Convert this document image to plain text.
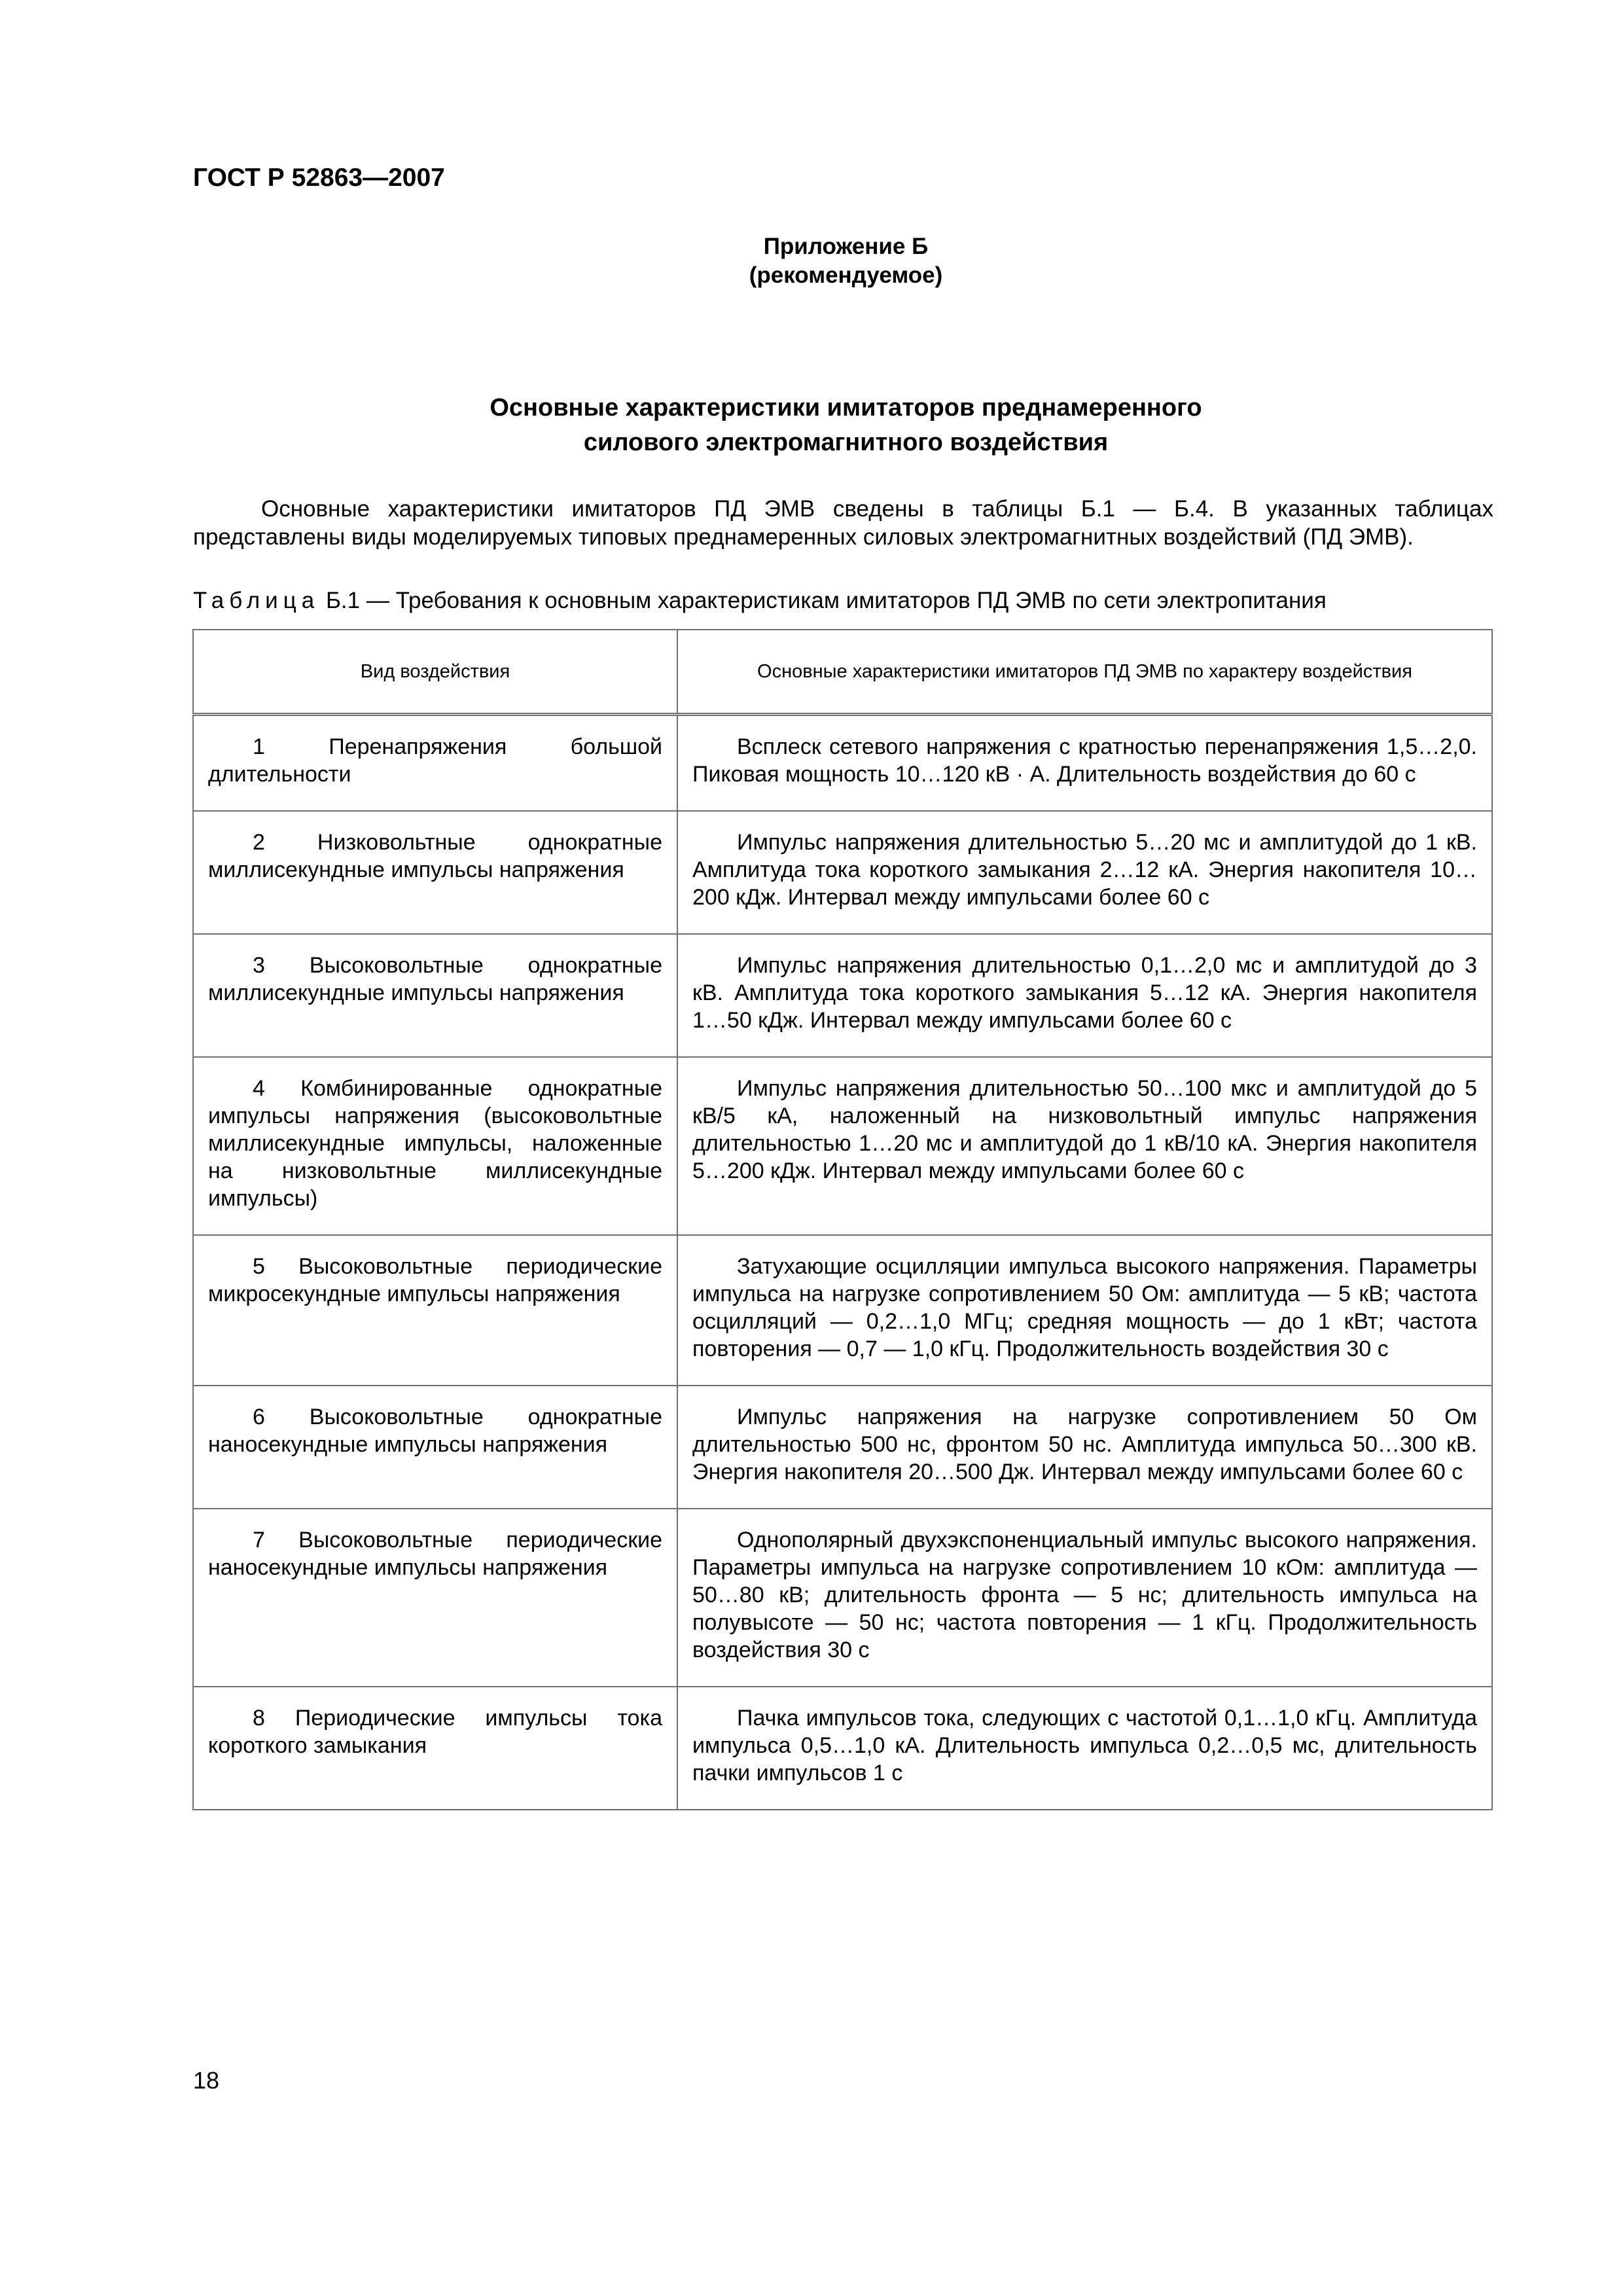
ГОСТ Р 52863—2007
Приложение Б
(рекомендуемое)
Основные характеристики имитаторов преднамеренного
силового электромагнитного воздействия

Основные характеристики имитаторов ПД ЭМВ сведены в таблицы Б.1 — Б.4. В указанных таблицах представлены виды моделируемых типовых преднамеренных силовых электромагнитных воздействий (ПД ЭМВ).

Таблица Б.1 — Требования к основным характеристикам имитаторов ПД ЭМВ по сети электропитания

Вид воздействия	Основные характеристики имитаторов ПД ЭМВ по характеру воздействия

1 Перенапряжения большой длительности	Всплеск сетевого напряжения с кратностью перенапряжения 1,5…2,0. Пиковая мощность 10…120 кВ · А. Длительность воздействия до 60 с

2 Низковольтные однократные миллисекундные импульсы напряжения	Импульс напряжения длительностью 5…20 мс и амплитудой до 1 кВ. Амплитуда тока короткого замыкания 2…12 кА. Энергия накопителя 10…200 кДж. Интервал между импульсами более 60 с

3 Высоковольтные однократные миллисекундные импульсы напряжения	Импульс напряжения длительностью 0,1…2,0 мс и амплитудой до 3 кВ. Амплитуда тока короткого замыкания 5…12 кА. Энергия накопителя 1…50 кДж. Интервал между импульсами более 60 с

4 Комбинированные однократные импульсы напряжения (высоковольтные миллисекундные импульсы, наложенные на низковольтные миллисекундные импульсы)	Импульс напряжения длительностью 50…100 мкс и амплитудой до 5 кВ/5 кА, наложенный на низковольтный импульс напряжения длительностью 1…20 мс и амплитудой до 1 кВ/10 кА. Энергия накопителя 5…200 кДж. Интервал между импульсами более 60 с

5 Высоковольтные периодические микросекундные импульсы напряжения	Затухающие осцилляции импульса высокого напряжения. Параметры импульса на нагрузке сопротивлением 50 Ом: амплитуда — 5 кВ; частота осцилляций — 0,2…1,0 МГц; средняя мощность — до 1 кВт; частота повторения — 0,7 — 1,0 кГц. Продолжительность воздействия 30 с

6 Высоковольтные однократные наносекундные импульсы напряжения	Импульс напряжения на нагрузке сопротивлением 50 Ом длительностью 500 нс, фронтом 50 нс. Амплитуда импульса 50…300 кВ. Энергия накопителя 20…500 Дж. Интервал между импульсами более 60 с

7 Высоковольтные периодические наносекундные импульсы напряжения	Однополярный двухэкспоненциальный импульс высокого напряжения. Параметры импульса на нагрузке сопротивлением 10 кОм: амплитуда — 50…80 кВ; длительность фронта — 5 нс; длительность импульса на полувысоте — 50 нс; частота повторения — 1 кГц. Продолжительность воздействия 30 с

8 Периодические импульсы тока короткого замыкания	Пачка импульсов тока, следующих с частотой 0,1…1,0 кГц. Амплитуда импульса 0,5…1,0 кА. Длительность импульса 0,2…0,5 мс, длительность пачки импульсов 1 с

18
